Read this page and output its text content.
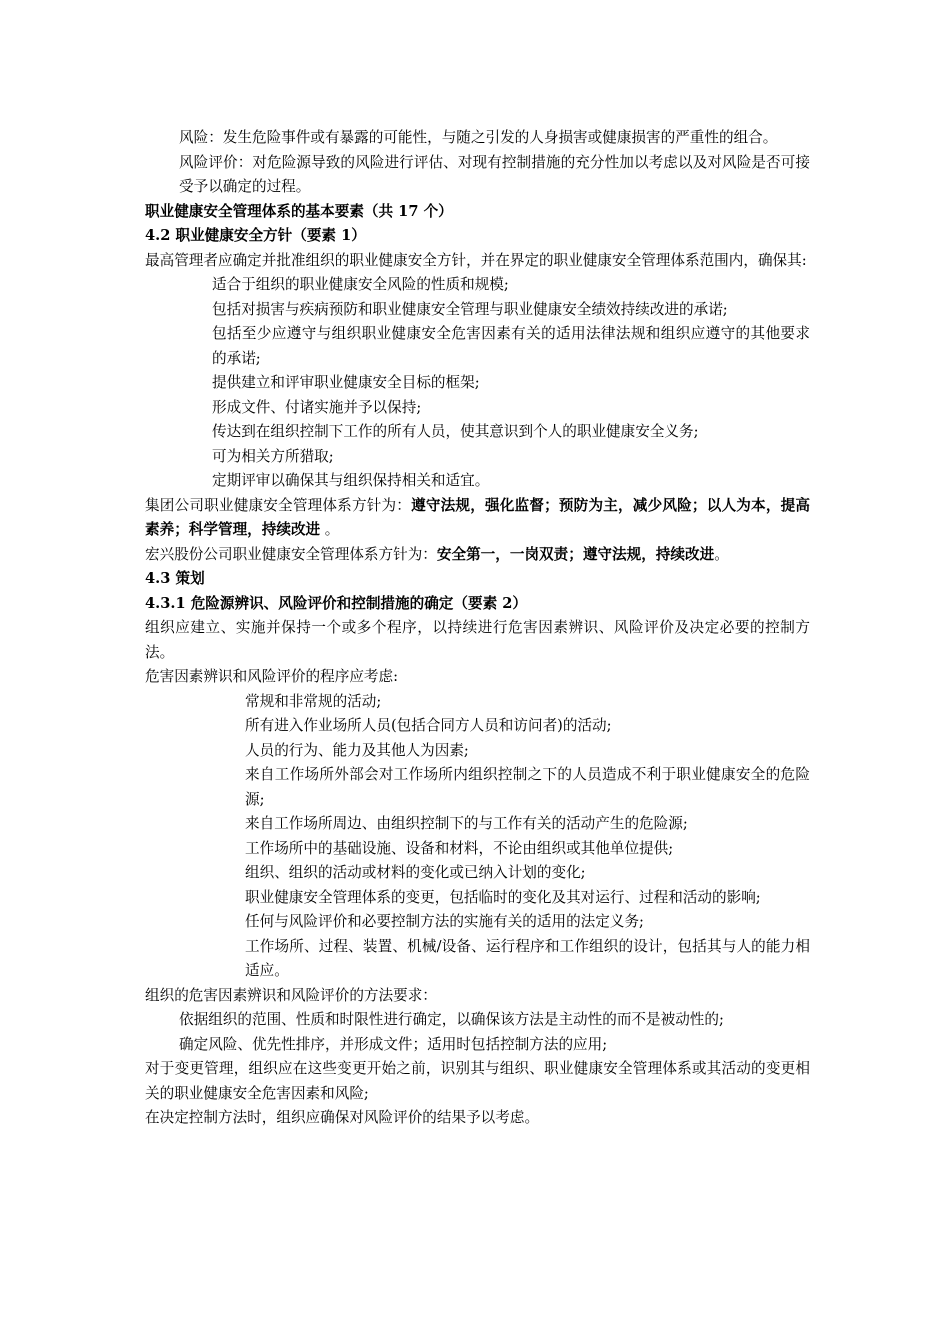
风险：发生危险事件或有暴露的可能性，与随之引发的人身损害或健康损害的严重性的组合。

风险评价：对危险源导致的风险进行评估、对现有控制措施的充分性加以考虑以及对风险是否可接受予以确定的过程。

职业健康安全管理体系的基本要素（共 17 个）

4.2 职业健康安全方针（要素 1）

最高管理者应确定并批准组织的职业健康安全方针，并在界定的职业健康安全管理体系范围内，确保其:

适合于组织的职业健康安全风险的性质和规模;

包括对损害与疾病预防和职业健康安全管理与职业健康安全绩效持续改进的承诺;

包括至少应遵守与组织职业健康安全危害因素有关的适用法律法规和组织应遵守的其他要求的承诺;

提供建立和评审职业健康安全目标的框架;

形成文件、付诸实施并予以保持;

传达到在组织控制下工作的所有人员，使其意识到个人的职业健康安全义务;

可为相关方所猎取;

定期评审以确保其与组织保持相关和适宜。

集团公司职业健康安全管理体系方针为：遵守法规，强化监督；预防为主，减少风险；以人为本，提高素养；科学管理，持续改进 。

宏兴股份公司职业健康安全管理体系方针为：安全第一，一岗双责；遵守法规，持续改进。

4.3 策划

4.3.1 危险源辨识、风险评价和控制措施的确定（要素 2）

组织应建立、实施并保持一个或多个程序，以持续进行危害因素辨识、风险评价及决定必要的控制方法。

危害因素辨识和风险评价的程序应考虑:

常规和非常规的活动;

所有进入作业场所人员(包括合同方人员和访问者)的活动;

人员的行为、能力及其他人为因素;

来自工作场所外部会对工作场所内组织控制之下的人员造成不利于职业健康安全的危险源;

来自工作场所周边、由组织控制下的与工作有关的活动产生的危险源;

工作场所中的基础设施、设备和材料，不论由组织或其他单位提供;

组织、组织的活动或材料的变化或已纳入计划的变化;

职业健康安全管理体系的变更，包括临时的变化及其对运行、过程和活动的影响;

任何与风险评价和必要控制方法的实施有关的适用的法定义务;

工作场所、过程、装置、机械/设备、运行程序和工作组织的设计，包括其与人的能力相适应。

组织的危害因素辨识和风险评价的方法要求：

依据组织的范围、性质和时限性进行确定，以确保该方法是主动性的而不是被动性的;

确定风险、优先性排序，并形成文件；适用时包括控制方法的应用;

对于变更管理，组织应在这些变更开始之前，识别其与组织、职业健康安全管理体系或其活动的变更相关的职业健康安全危害因素和风险;

在决定控制方法时，组织应确保对风险评价的结果予以考虑。
